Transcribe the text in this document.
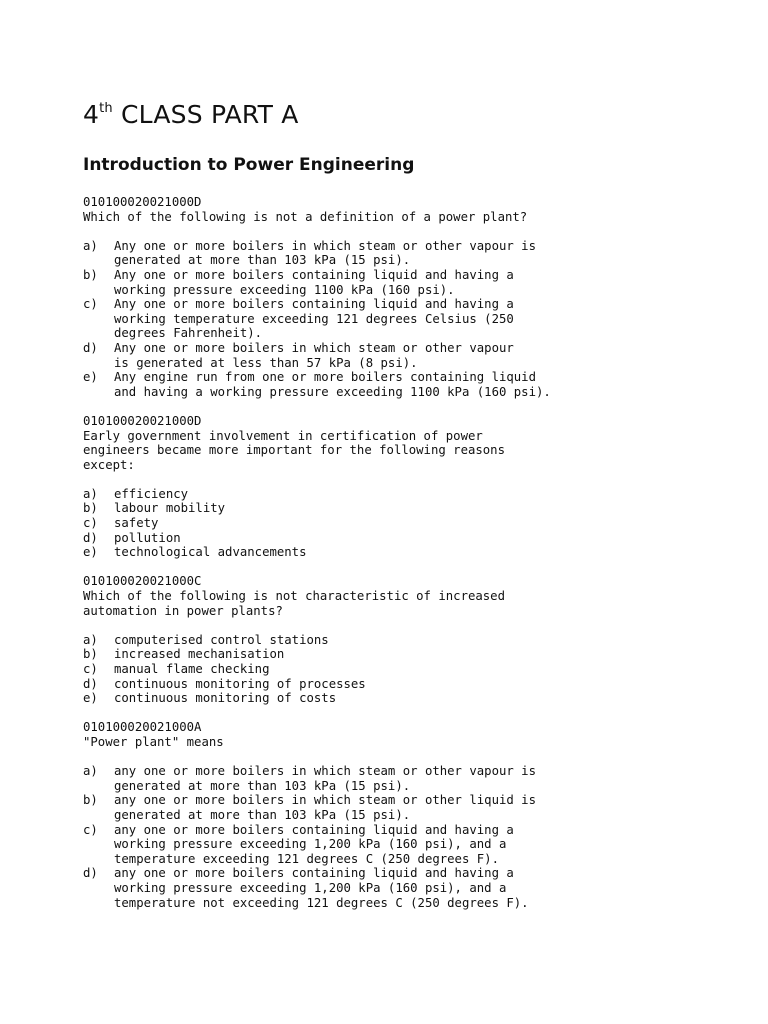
4th CLASS PART A
Introduction to Power Engineering
010100020021000D
Which of the following is not a definition of a power plant?
a)	Any one or more boilers in which steam or other vapour is
generated at more than 103 kPa (15 psi).
b)	Any one or more boilers containing liquid and having a
working pressure exceeding 1100 kPa (160 psi).
c)	Any one or more boilers containing liquid and having a
working temperature exceeding 121 degrees Celsius (250
degrees Fahrenheit).
d)	Any one or more boilers in which steam or other vapour
is generated at less than 57 kPa (8 psi).
e)	Any engine run from one or more boilers containing liquid
and having a working pressure exceeding 1100 kPa (160 psi).
010100020021000D
Early government involvement in certification of power
engineers became more important for the following reasons
except:
a)	efficiency
b)	labour mobility
c)	safety
d)	pollution
e)	technological advancements
010100020021000C
Which of the following is not characteristic of increased
automation in power plants?
a)	computerised control stations
b)	increased mechanisation
c)	manual flame checking
d)	continuous monitoring of processes
e)	continuous monitoring of costs
010100020021000A
"Power plant" means
a)	any one or more boilers in which steam or other vapour is
generated at more than 103 kPa (15 psi).
b)	any one or more boilers in which steam or other liquid is
generated at more than 103 kPa (15 psi).
c)	any one or more boilers containing liquid and having a
working pressure exceeding 1,200 kPa (160 psi), and a
temperature exceeding 121 degrees C (250 degrees F).
d)	any one or more boilers containing liquid and having a
working pressure exceeding 1,200 kPa (160 psi), and a
temperature not exceeding 121 degrees C (250 degrees F).
